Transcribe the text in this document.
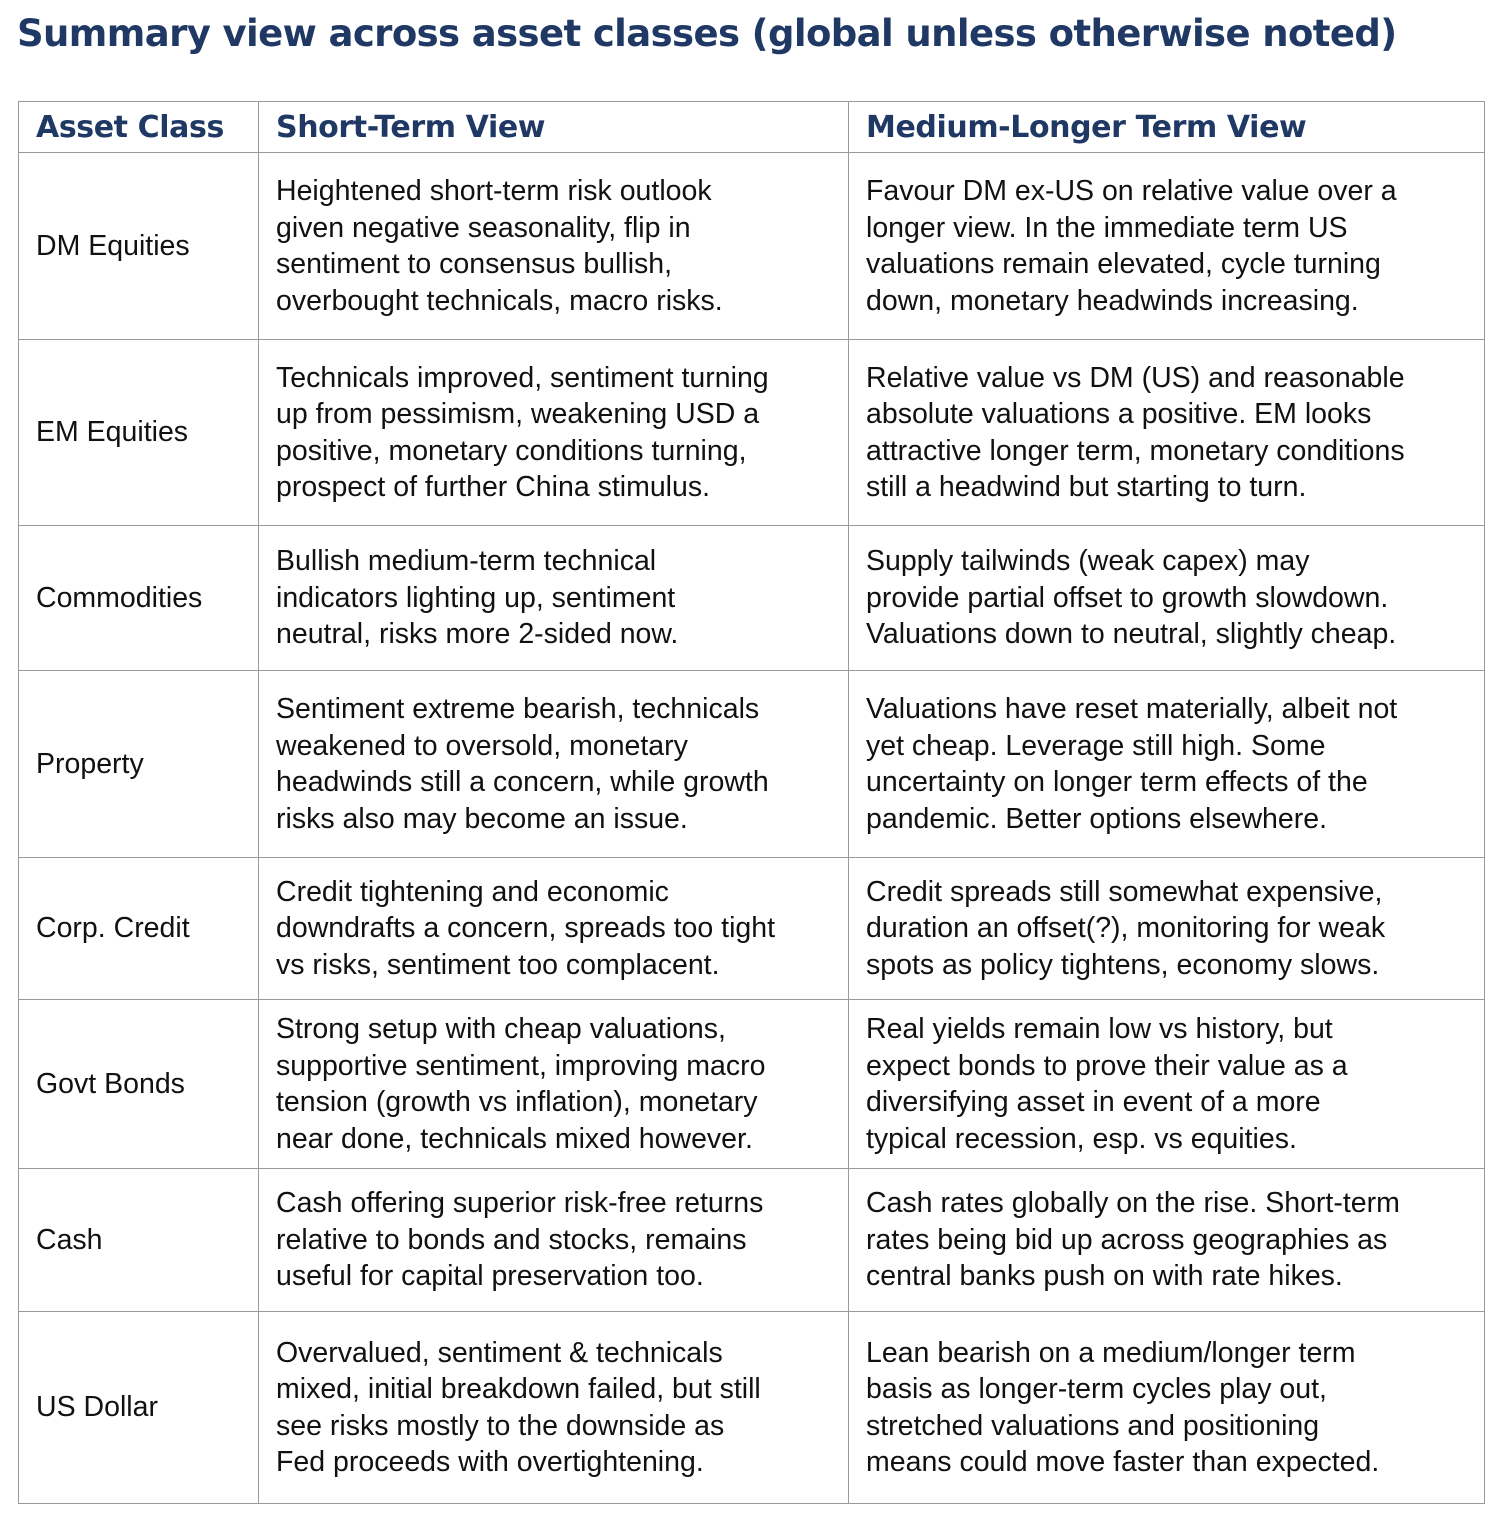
Summary view across asset classes (global unless otherwise noted)
Asset Class	Short-Term View	Medium-Longer Term View
DM Equities	Heightened short-term risk outlook
given negative seasonality, flip in
sentiment to consensus bullish,
overbought technicals, macro risks.	Favour DM ex-US on relative value over a
longer view. In the immediate term US
valuations remain elevated, cycle turning
down, monetary headwinds increasing.
EM Equities	Technicals improved, sentiment turning
up from pessimism, weakening USD a
positive, monetary conditions turning,
prospect of further China stimulus.	Relative value vs DM (US) and reasonable
absolute valuations a positive. EM looks
attractive longer term, monetary conditions
still a headwind but starting to turn.
Commodities	Bullish medium-term technical
indicators lighting up, sentiment
neutral, risks more 2-sided now.	Supply tailwinds (weak capex) may
provide partial offset to growth slowdown.
Valuations down to neutral, slightly cheap.
Property	Sentiment extreme bearish, technicals
weakened to oversold, monetary
headwinds still a concern, while growth
risks also may become an issue.	Valuations have reset materially, albeit not
yet cheap. Leverage still high. Some
uncertainty on longer term effects of the
pandemic. Better options elsewhere.
Corp. Credit	Credit tightening and economic
downdrafts a concern, spreads too tight
vs risks, sentiment too complacent.	Credit spreads still somewhat expensive,
duration an offset(?), monitoring for weak
spots as policy tightens, economy slows.
Govt Bonds	Strong setup with cheap valuations,
supportive sentiment, improving macro
tension (growth vs inflation), monetary
near done, technicals mixed however.	Real yields remain low vs history, but
expect bonds to prove their value as a
diversifying asset in event of a more
typical recession, esp. vs equities.
Cash	Cash offering superior risk-free returns
relative to bonds and stocks, remains
useful for capital preservation too.	Cash rates globally on the rise. Short-term
rates being bid up across geographies as
central banks push on with rate hikes.
US Dollar	Overvalued, sentiment & technicals
mixed, initial breakdown failed, but still
see risks mostly to the downside as
Fed proceeds with overtightening.	Lean bearish on a medium/longer term
basis as longer-term cycles play out,
stretched valuations and positioning
means could move faster than expected.
